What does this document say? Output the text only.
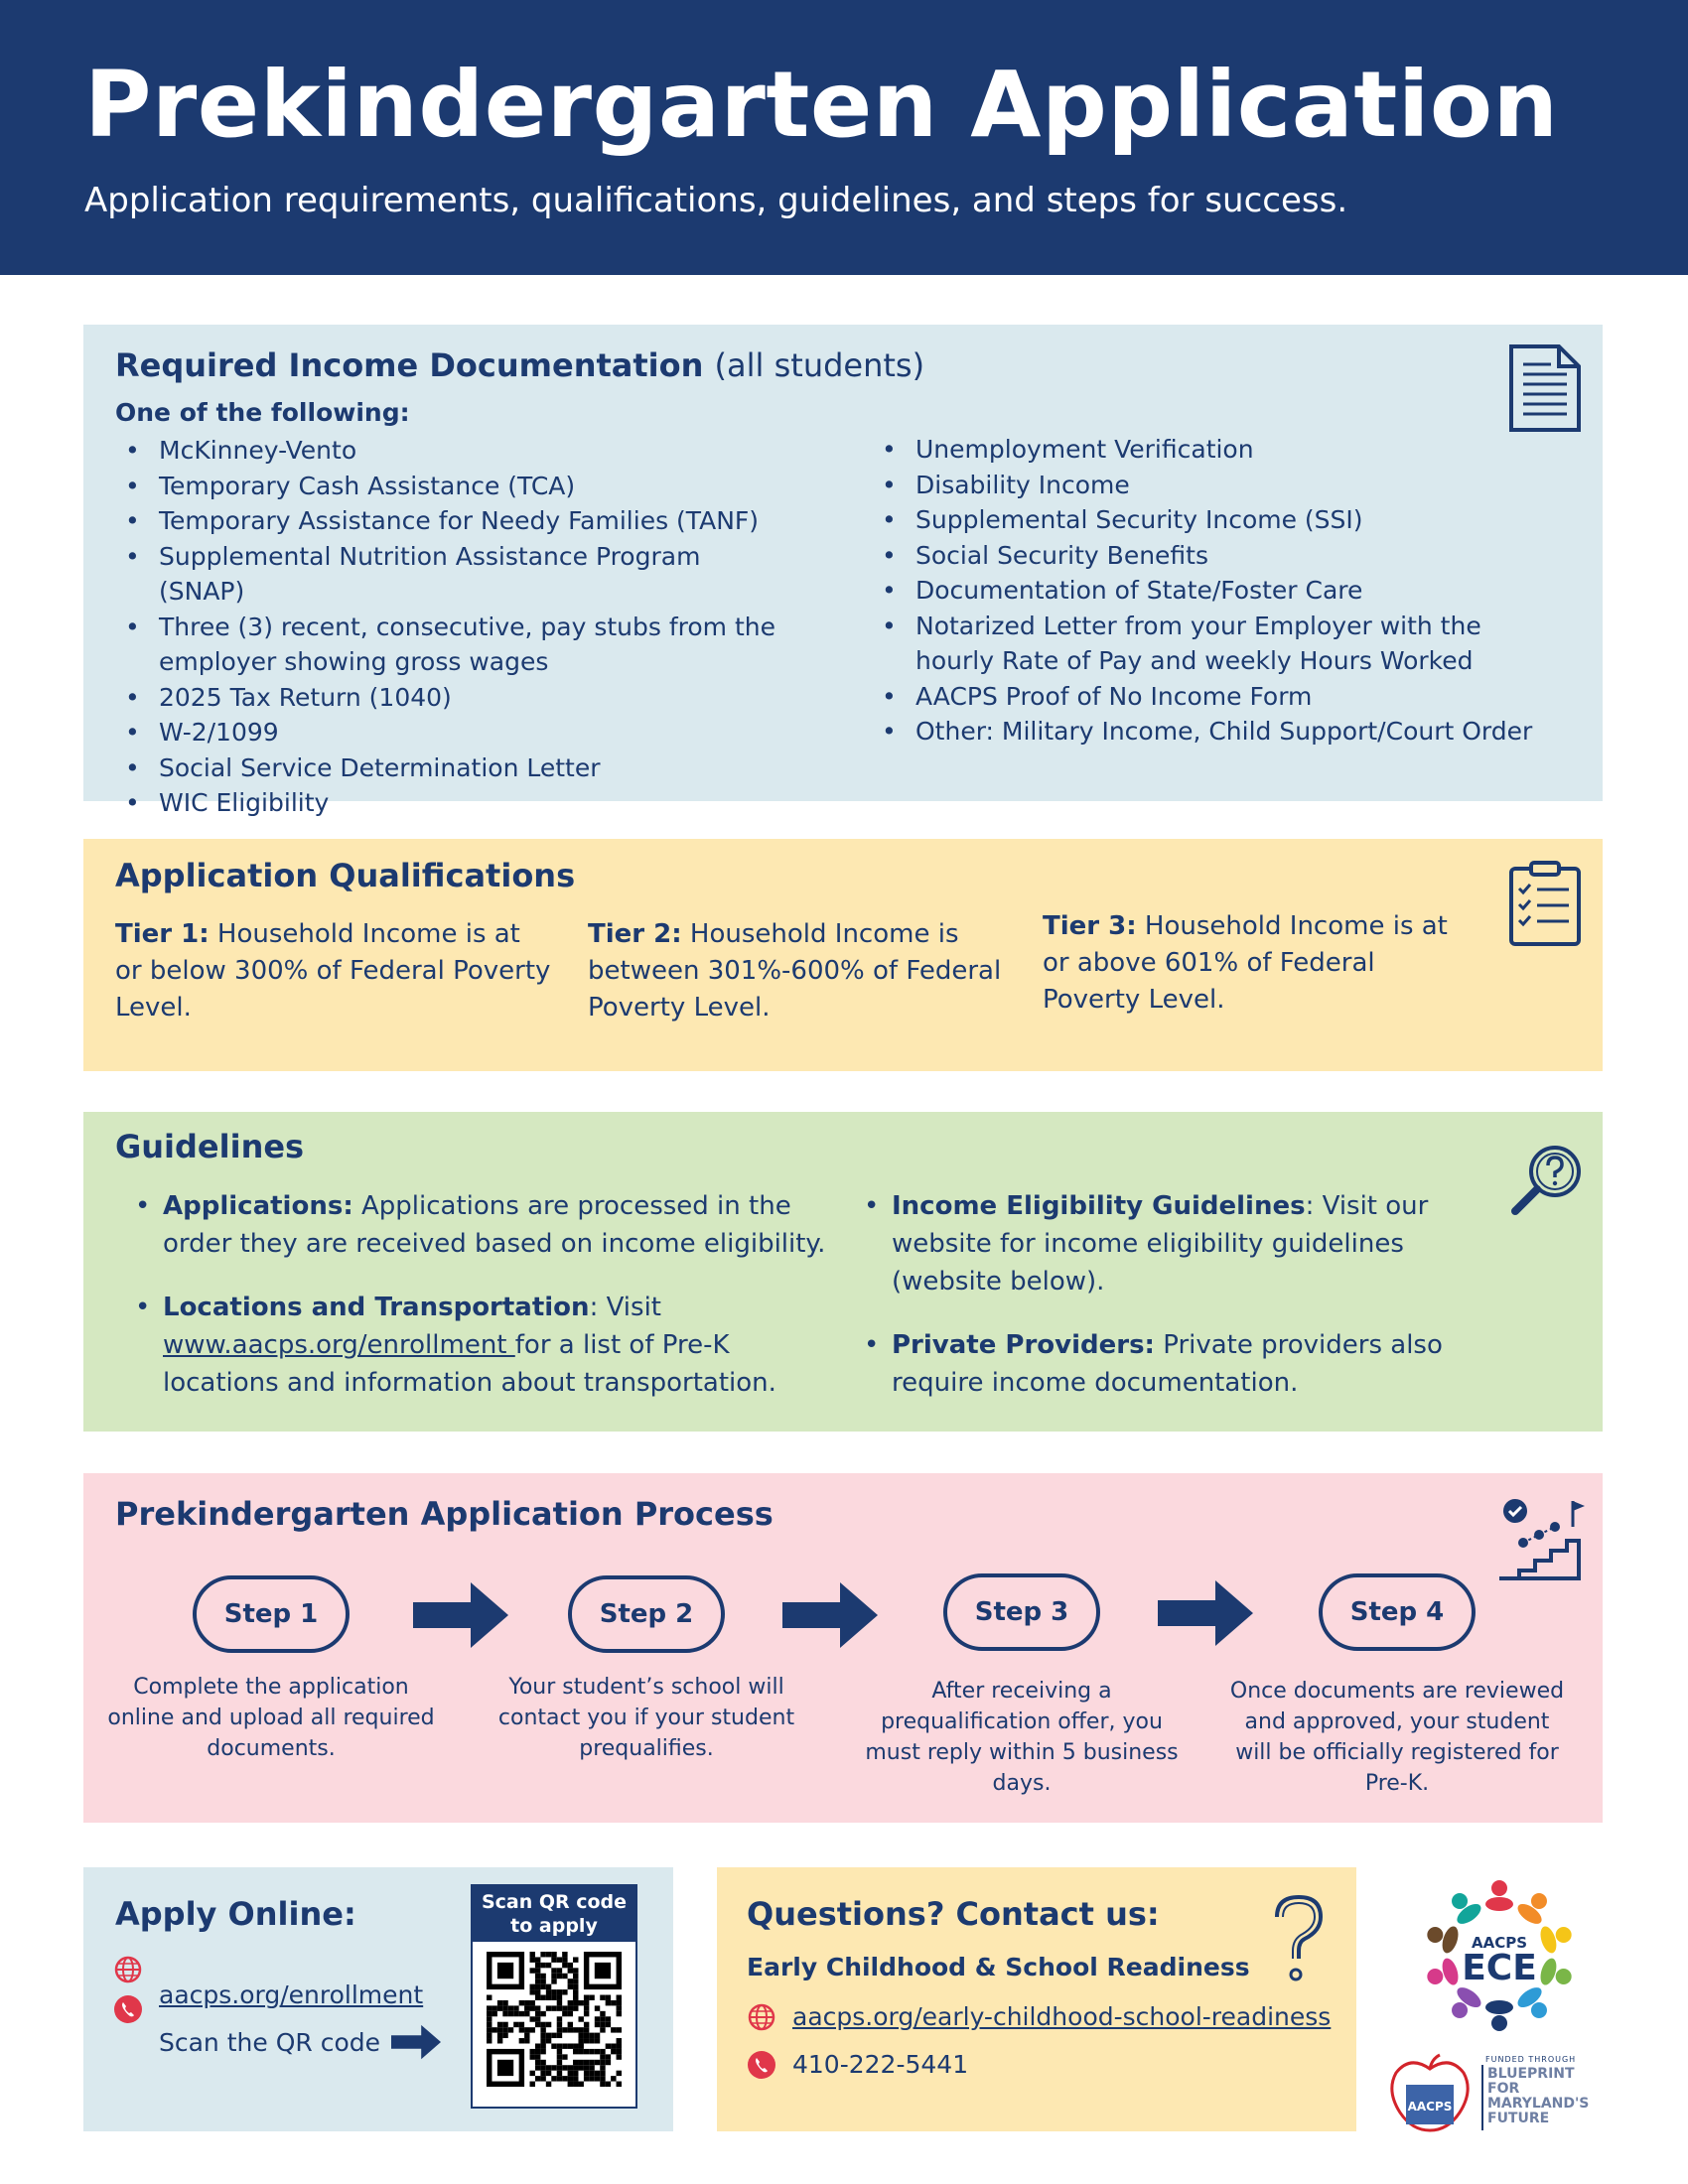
Prekindergarten Application
Application requirements, qualifications, guidelines, and steps for success.
Required Income Documentation (all students)
One of the following:
• McKinney-Vento
• Temporary Cash Assistance (TCA)
• Temporary Assistance for Needy Families (TANF)
• Supplemental Nutrition Assistance Program (SNAP)
• Three (3) recent, consecutive, pay stubs from the employer showing gross wages
• 2025 Tax Return (1040)
• W-2/1099
• Social Service Determination Letter
• WIC Eligibility
• Unemployment Verification
• Disability Income
• Supplemental Security Income (SSI)
• Social Security Benefits
• Documentation of State/Foster Care
• Notarized Letter from your Employer with the hourly Rate of Pay and weekly Hours Worked
• AACPS Proof of No Income Form
• Other: Military Income, Child Support/Court Order
Application Qualifications
Tier 1: Household Income is at or below 300% of Federal Poverty Level.
Tier 2: Household Income is between 301%-600% of Federal Poverty Level.
Tier 3: Household Income is at or above 601% of Federal Poverty Level.
Guidelines
• Applications: Applications are processed in the order they are received based on income eligibility.
• Locations and Transportation: Visit www.aacps.org/enrollment for a list of Pre-K locations and information about transportation.
• Income Eligibility Guidelines: Visit our website for income eligibility guidelines (website below).
• Private Providers: Private providers also require income documentation.
Prekindergarten Application Process
Step 1	Step 2	Step 3	Step 4
Complete the application online and upload all required documents.
Your student’s school will contact you if your student prequalifies.
After receiving a prequalification offer, you must reply within 5 business days.
Once documents are reviewed and approved, your student will be officially registered for Pre-K.
Apply Online:
aacps.org/enrollment
Scan the QR code
Scan QR code to apply	Questions? Contact us:
Early Childhood & School Readiness
aacps.org/early-childhood-school-readiness
410-222-5441
AACPS
ECE
AACPS
FUNDED THROUGH
BLUEPRINT
FOR
MARYLAND'S
FUTURE
